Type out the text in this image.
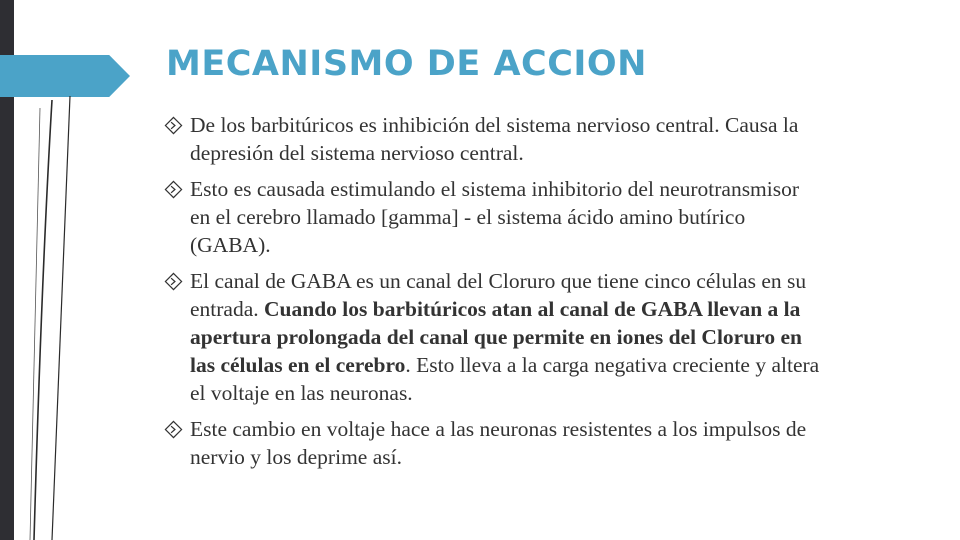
MECANISMO DE ACCION
De los barbitúricos es inhibición del sistema nervioso central. Causa la depresión del sistema nervioso central.
Esto es causada estimulando el sistema inhibitorio del neurotransmisor en el cerebro llamado [gamma] - el sistema ácido amino butírico (GABA).
El canal de GABA es un canal del Cloruro que tiene cinco células en su entrada. Cuando los barbitúricos atan al canal de GABA llevan a la apertura prolongada del canal que permite en iones del Cloruro en las células en el cerebro. Esto lleva a la carga negativa creciente y altera el voltaje en las neuronas.
Este cambio en voltaje hace a las neuronas resistentes a los impulsos de nervio y los deprime así.
